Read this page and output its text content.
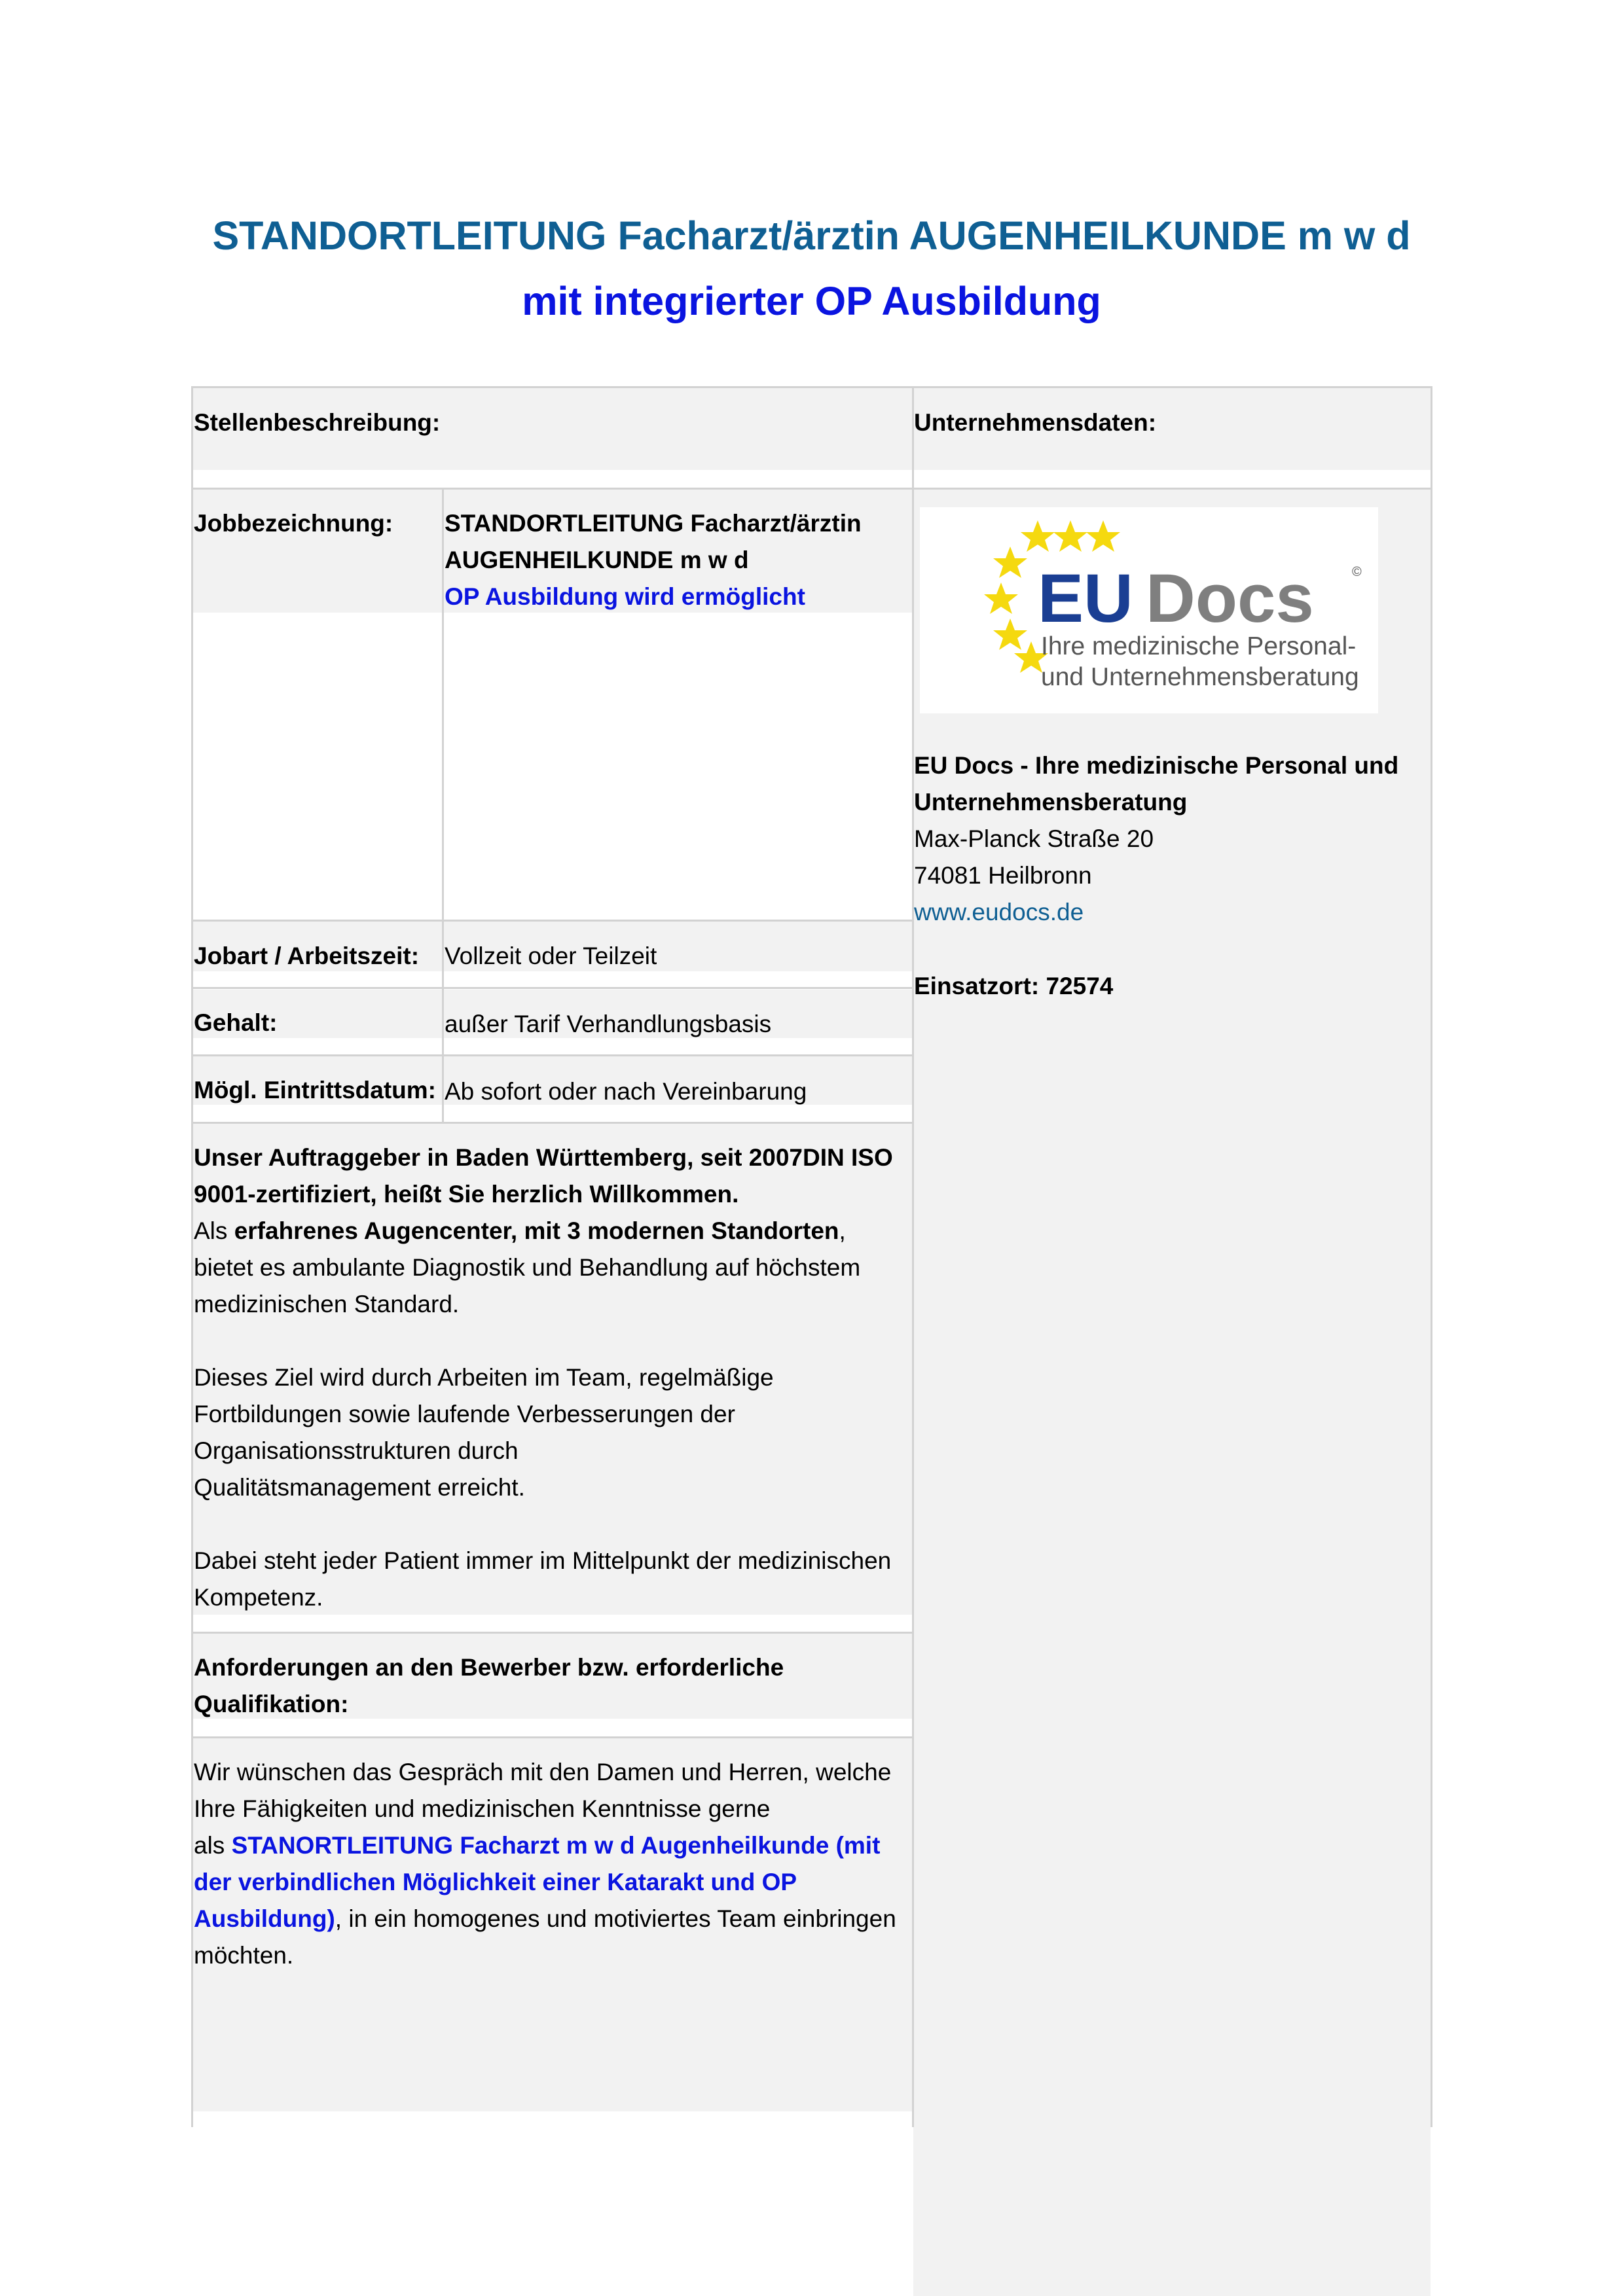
STANDORTLEITUNG Facharzt/ärztin AUGENHEILKUNDE m w d
mit integrierter OP Ausbildung
Stellenbeschreibung:	Unternehmensdaten:
Jobbezeichnung: STANDORTLEITUNG Facharzt/ärztin
AUGENHEILKUNDE m w d
OP Ausbildung wird ermöglicht
Jobart / Arbeitszeit: Vollzeit oder Teilzeit
Gehalt:	außer Tarif Verhandlungsbasis
Mögl. Eintrittsdatum: Ab sofort oder nach Vereinbarung
Unser Auftraggeber in Baden Württemberg, seit 2007DIN ISO
9001-zertifiziert, heißt Sie herzlich Willkommen.
Als erfahrenes Augencenter, mit 3 modernen Standorten,
bietet es ambulante Diagnostik und Behandlung auf höchstem
medizinischen Standard.
Dieses Ziel wird durch Arbeiten im Team, regelmäßige
Fortbildungen sowie laufende Verbesserungen der
Organisationsstrukturen durch
Qualitätsmanagement erreicht.
Dabei steht jeder Patient immer im Mittelpunkt der medizinischen
Kompetenz.
Anforderungen an den Bewerber bzw. erforderliche
Qualifikation:
Wir wünschen das Gespräch mit den Damen und Herren, welche
Ihre Fähigkeiten und medizinischen Kenntnisse gerne
als STANORTLEITUNG Facharzt m w d Augenheilkunde (mit
der verbindlichen Möglichkeit einer Katarakt und OP
Ausbildung), in ein homogenes und motiviertes Team einbringen
möchten.
EU Docs	©
Ihre medizinische Personal-
und Unternehmensberatung
EU Docs - Ihre medizinische Personal und
Unternehmensberatung
Max-Planck Straße 20
74081 Heilbronn
www.eudocs.de
Einsatzort: 72574
